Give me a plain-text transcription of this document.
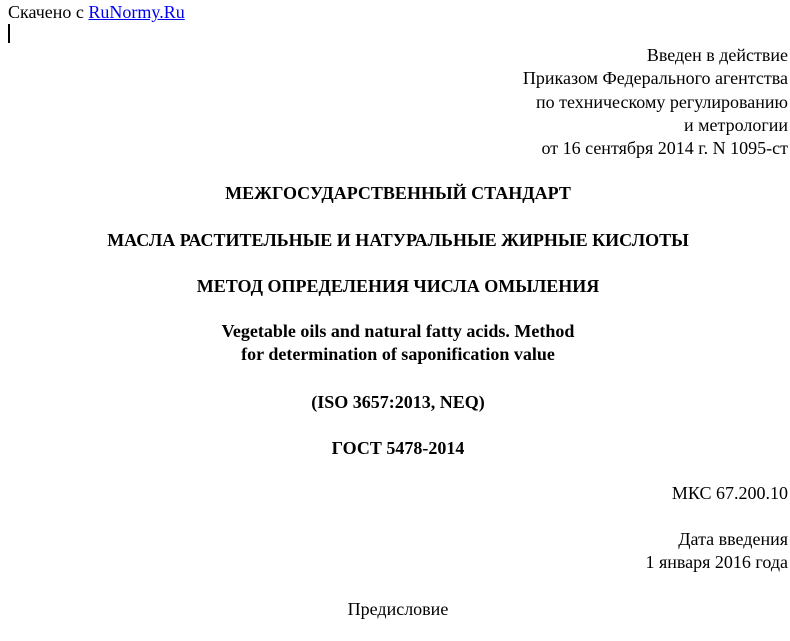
Скачено с RuNormy.Ru
Введен в действие
Приказом Федерального агентства
по техническому регулированию
и метрологии
от 16 сентября 2014 г. N 1095-ст
МЕЖГОСУДАРСТВЕННЫЙ СТАНДАРТ
МАСЛА РАСТИТЕЛЬНЫЕ И НАТУРАЛЬНЫЕ ЖИРНЫЕ КИСЛОТЫ
МЕТОД ОПРЕДЕЛЕНИЯ ЧИСЛА ОМЫЛЕНИЯ
Vegetable oils and natural fatty acids. Method
for determination of saponification value
(ISO 3657:2013, NEQ)
ГОСТ 5478-2014
МКС 67.200.10
Дата введения
1 января 2016 года
Предисловие
